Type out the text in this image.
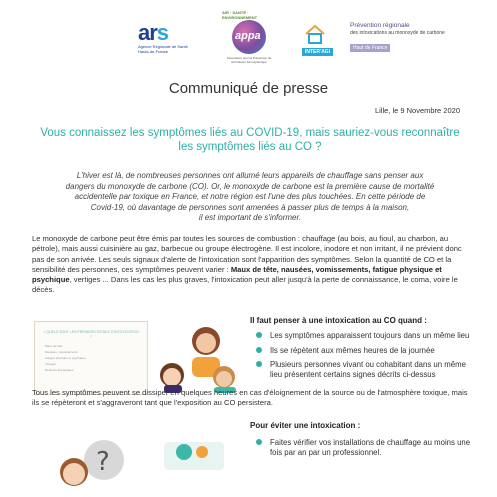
ars
Agence Régionale de Santé
Hauts-de-France
AIR · SANTÉ · ENVIRONNEMENT
appa
Association pour la Prévention de la Pollution Atmosphérique
INTER'AGI
Prévention régionale
des intoxications au monoxyde de carbone
Haut de France
Communiqué de presse
Lille, le 9 Novembre 2020
Vous connaissez les symptômes liés au COVID-19, mais sauriez-vous reconnaître les symptômes liés au CO ?

L'hiver est là, de nombreuses personnes ont allumé leurs appareils de chauffage sans penser aux

dangers du monoxyde de carbone (CO). Or, le monoxyde de carbone est la première cause de mortalité

accidentelle par toxique en France, et notre région est l'une des plus touchées. En cette période de

Covid-19, où davantage de personnes sont amenées à passer plus de temps à la maison,

il est important de s'informer.

Le monoxyde de carbone peut être émis par toutes les sources de combustion : chauffage (au bois, au fioul, au charbon, au pétrole), mais aussi cuisinière au gaz, barbecue ou groupe électrogène. Il est incolore, inodore et non irritant, il ne prévient donc pas de son arrivée. Les seuls signaux d'alerte de l'intoxication sont l'apparition des symptômes. Selon la quantité de CO et la sensibilité des personnes, ces symptômes peuvent varier : Maux de tête, nausées, vomissements, fatigue physique et psychique, vertiges ... Dans les cas les plus graves, l'intoxication peut aller jusqu'à la perte de connaissance, le coma, voire le décès.
> QUELS SONT LES PREMIERS SIGNES D'INTOXICATION ?
Maux de tête
Nausées, vomissements
Fatigue physique et psychique
Vertiges
Douleurs thoraciques
Il faut penser à une intoxication au CO quand :
Les symptômes apparaissent toujours dans un même lieu
Ils se répètent aux mêmes heures de la journée
Plusieurs personnes vivant ou cohabitant dans un même lieu présentent certains signes décrits ci-dessus
Tous les symptômes peuvent se dissiper en quelques heures en cas d'éloignement de la source ou de l'atmosphère toxique, mais ils se répèteront et s'aggraveront tant que l'exposition au CO persistera.
?
Pour éviter une intoxication :
Faites vérifier vos installations de chauffage au moins une fois par an par un professionnel.
